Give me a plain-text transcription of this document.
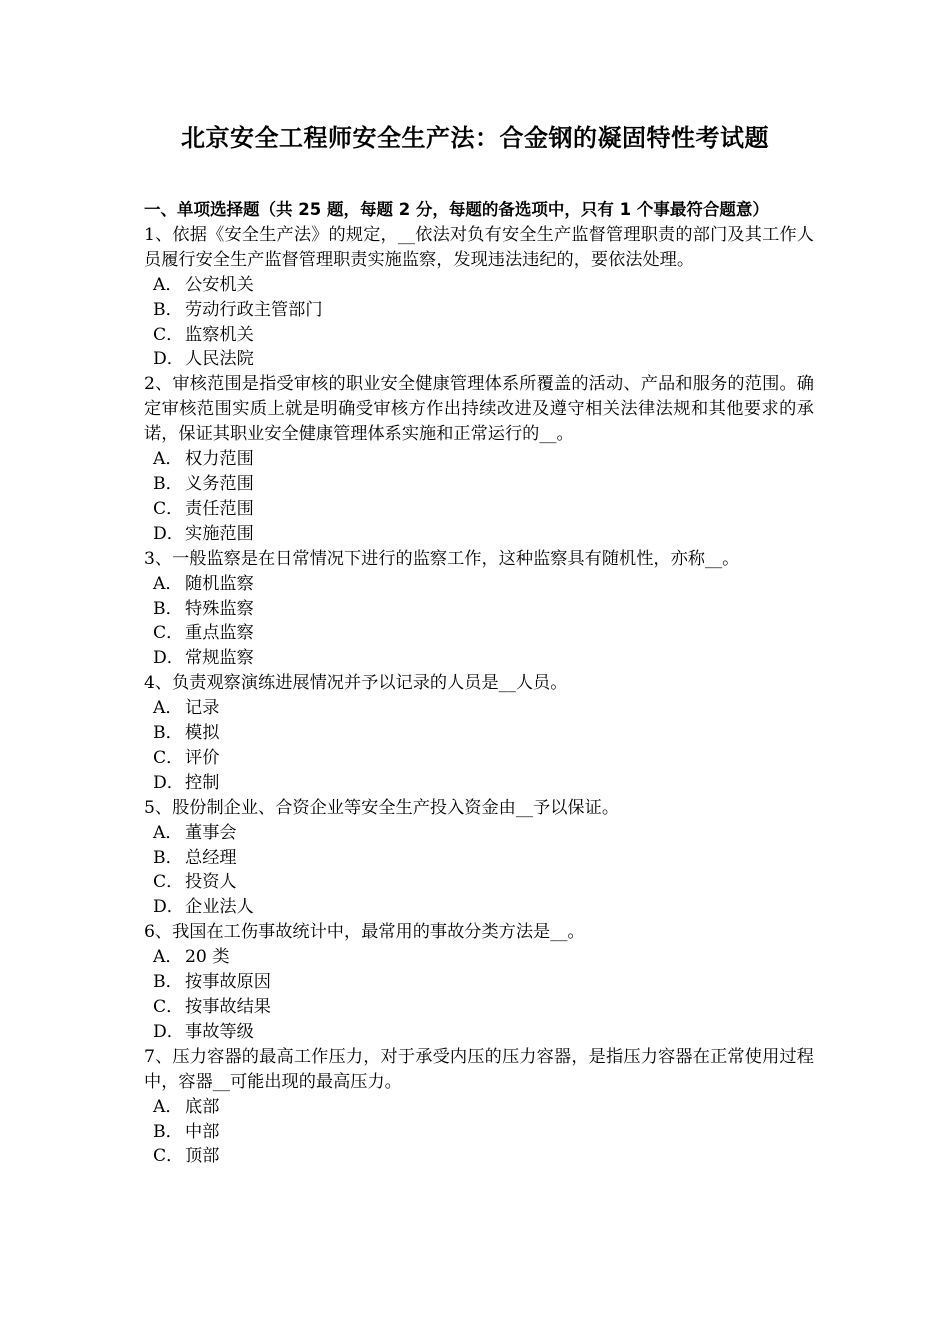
北京安全工程师安全生产法：合金钢的凝固特性考试题
一、单项选择题（共 25 题，每题 2 分，每题的备选项中，只有 1 个事最符合题意）
1、依据《安全生产法》的规定，__依法对负有安全生产监督管理职责的部门及其工作人员履行安全生产监督管理职责实施监察，发现违法违纪的，要依法处理。
A． 公安机关
B． 劳动行政主管部门
C．监察机关
D．人民法院
2、审核范围是指受审核的职业安全健康管理体系所覆盖的活动、产品和服务的范围。确定审核范围实质上就是明确受审核方作出持续改进及遵守相关法律法规和其他要求的承诺，保证其职业安全健康管理体系实施和正常运行的__。
A． 权力范围
B． 义务范围
C．责任范围
D．实施范围
3、一般监察是在日常情况下进行的监察工作，这种监察具有随机性，亦称__。
A． 随机监察
B． 特殊监察
C．重点监察
D．常规监察
4、负责观察演练进展情况并予以记录的人员是__人员。
A． 记录
B． 模拟
C．评价
D．控制
5、股份制企业、合资企业等安全生产投入资金由__予以保证。
A． 董事会
B． 总经理
C．投资人
D．企业法人
6、我国在工伤事故统计中，最常用的事故分类方法是__。
A． 20 类
B． 按事故原因
C．按事故结果
D．事故等级
7、压力容器的最高工作压力，对于承受内压的压力容器，是指压力容器在正常使用过程中，容器__可能出现的最高压力。
A． 底部
B． 中部
C．顶部
